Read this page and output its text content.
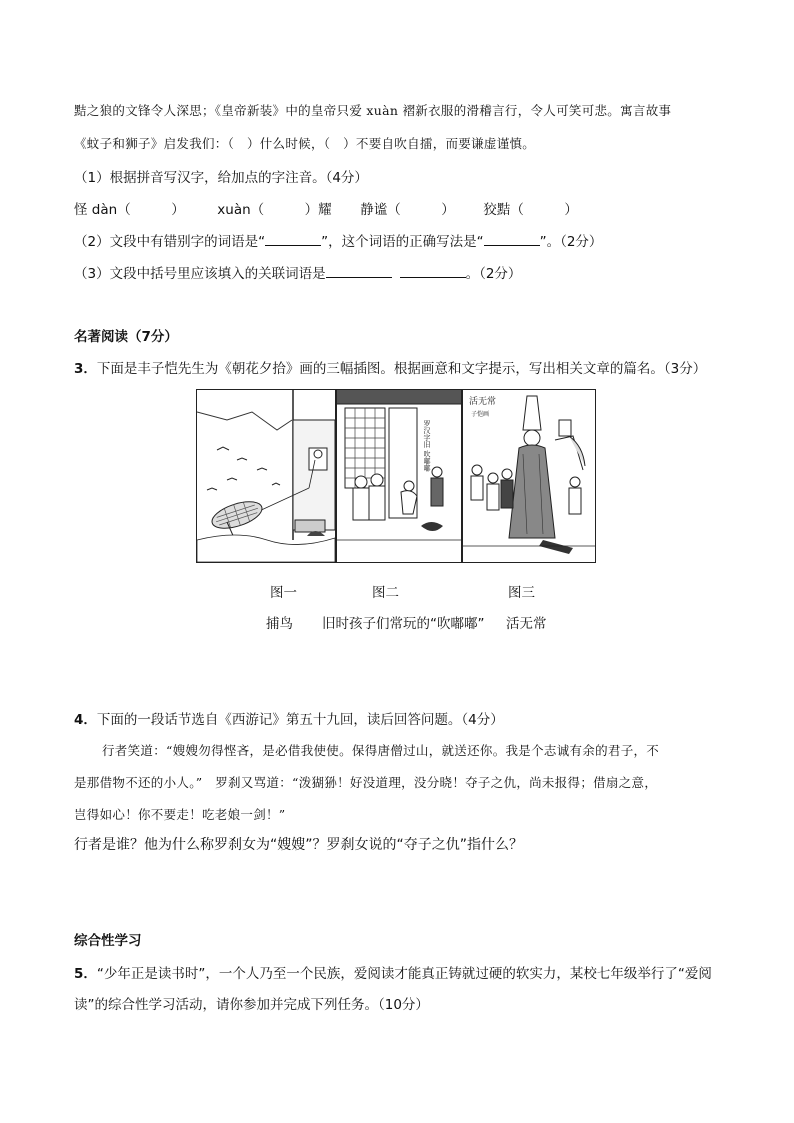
黠之狼的文锋令人深思；《皇帝新装》中的皇帝只爱 xuàn 褶新衣服的滑稽言行，令人可笑可悲。寓言故事
《蚊子和狮子》启发我们：（　）什么时候，（　）不要自吹自擂，而要谦虚谨慎。
（1）根据拼音写汉字，给加点的字注音。（4分）
怪 dàn（　　　） xuàn（　　　）耀 静谧（　　　） 狡黠（　　　）
（2）文段中有错别字的词语是“	”，这个词语的正确写法是“	”。（2分）
（3）文段中括号里应该填入的关联词语是	。（2分）
名著阅读（7分）
3．下面是丰子恺先生为《朝花夕拾》画的三幅插图。根据画意和文字提示，写出相关文章的篇名。（3分）
罗汉字旧 吹嘟嘟
活无常
子恺画
图一	图二	图三
捕鸟 旧时孩子们常玩的“吹嘟嘟” 活无常
4．下面的一段话节选自《西游记》第五十九回，读后回答问题。（4分）
行者笑道：“嫂嫂勿得悭吝，是必借我使使。保得唐僧过山，就送还你。我是个志诚有余的君子，不
是那借物不还的小人。”　罗刹又骂道：“泼猢狲！好没道理，没分晓！夺子之仇，尚未报得；借扇之意，
岂得如心！你不要走！吃老娘一剑！”
行者是谁？他为什么称罗刹女为“嫂嫂”？罗刹女说的“夺子之仇”指什么？
综合性学习
5．“少年正是读书时”，一个人乃至一个民族，爱阅读才能真正铸就过硬的软实力，某校七年级举行了“爱阅
读”的综合性学习活动，请你参加并完成下列任务。（10分）
